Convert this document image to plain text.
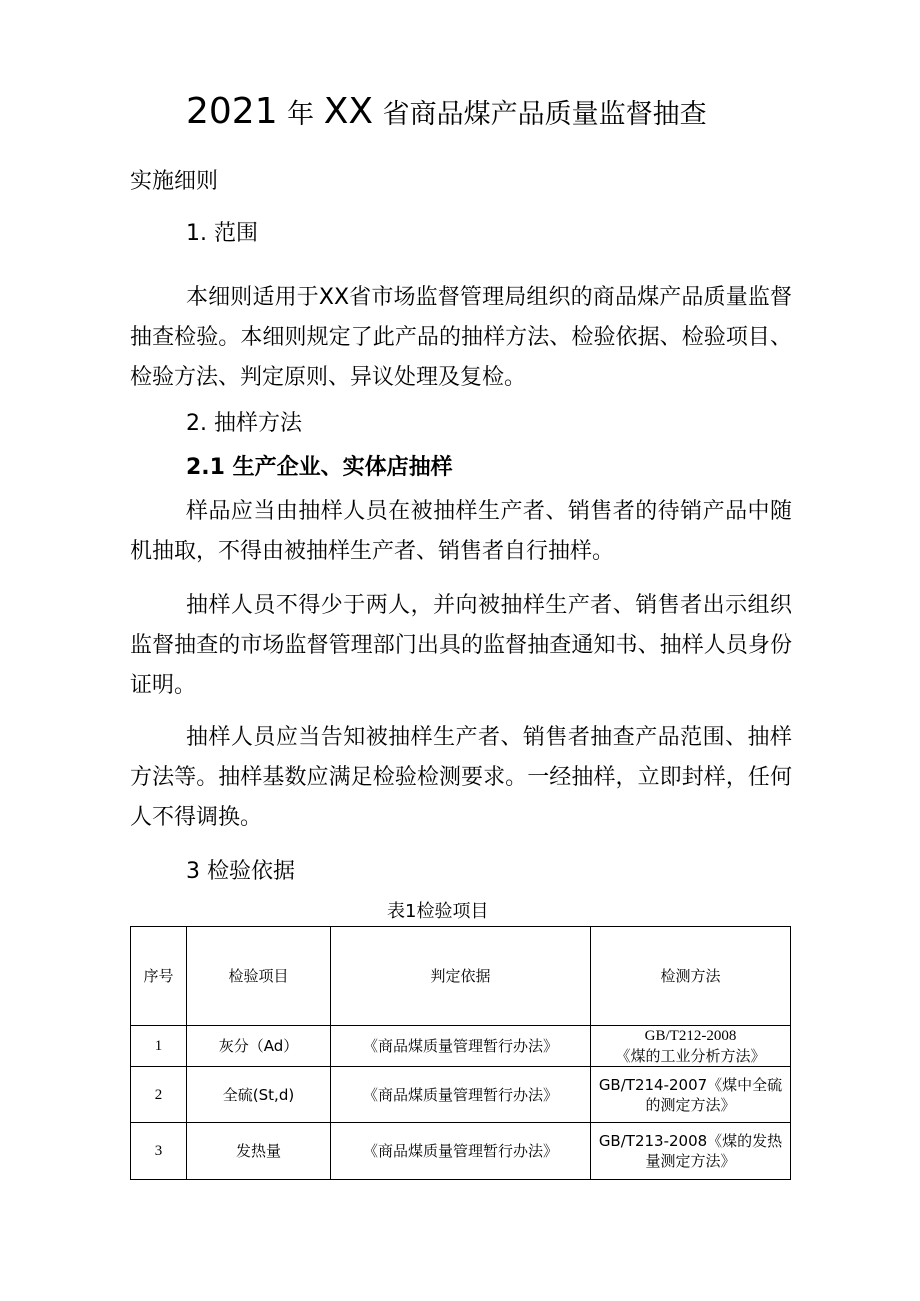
2021 年 XX 省商品煤产品质量监督抽查
实施细则
1. 范围
本细则适用于XX省市场监督管理局组织的商品煤产品质量监督抽查检验。本细则规定了此产品的抽样方法、检验依据、检验项目、检验方法、判定原则、异议处理及复检。
2. 抽样方法
2.1 生产企业、实体店抽样
样品应当由抽样人员在被抽样生产者、销售者的待销产品中随机抽取，不得由被抽样生产者、销售者自行抽样。
抽样人员不得少于两人，并向被抽样生产者、销售者出示组织监督抽查的市场监督管理部门出具的监督抽查通知书、抽样人员身份证明。
抽样人员应当告知被抽样生产者、销售者抽查产品范围、抽样方法等。抽样基数应满足检验检测要求。一经抽样，立即封样，任何人不得调换。
3 检验依据
表1检验项目
序号	检验项目	判定依据	检测方法
1	灰分（Ad）	《商品煤质量管理暂行办法》	GB/T212-2008
《煤的工业分析方法》

2	全硫(St,d)	《商品煤质量管理暂行办法》	GB/T214-2007《煤中全硫
的测定方法》

3	发热量	《商品煤质量管理暂行办法》	GB/T213-2008《煤的发热
量测定方法》
